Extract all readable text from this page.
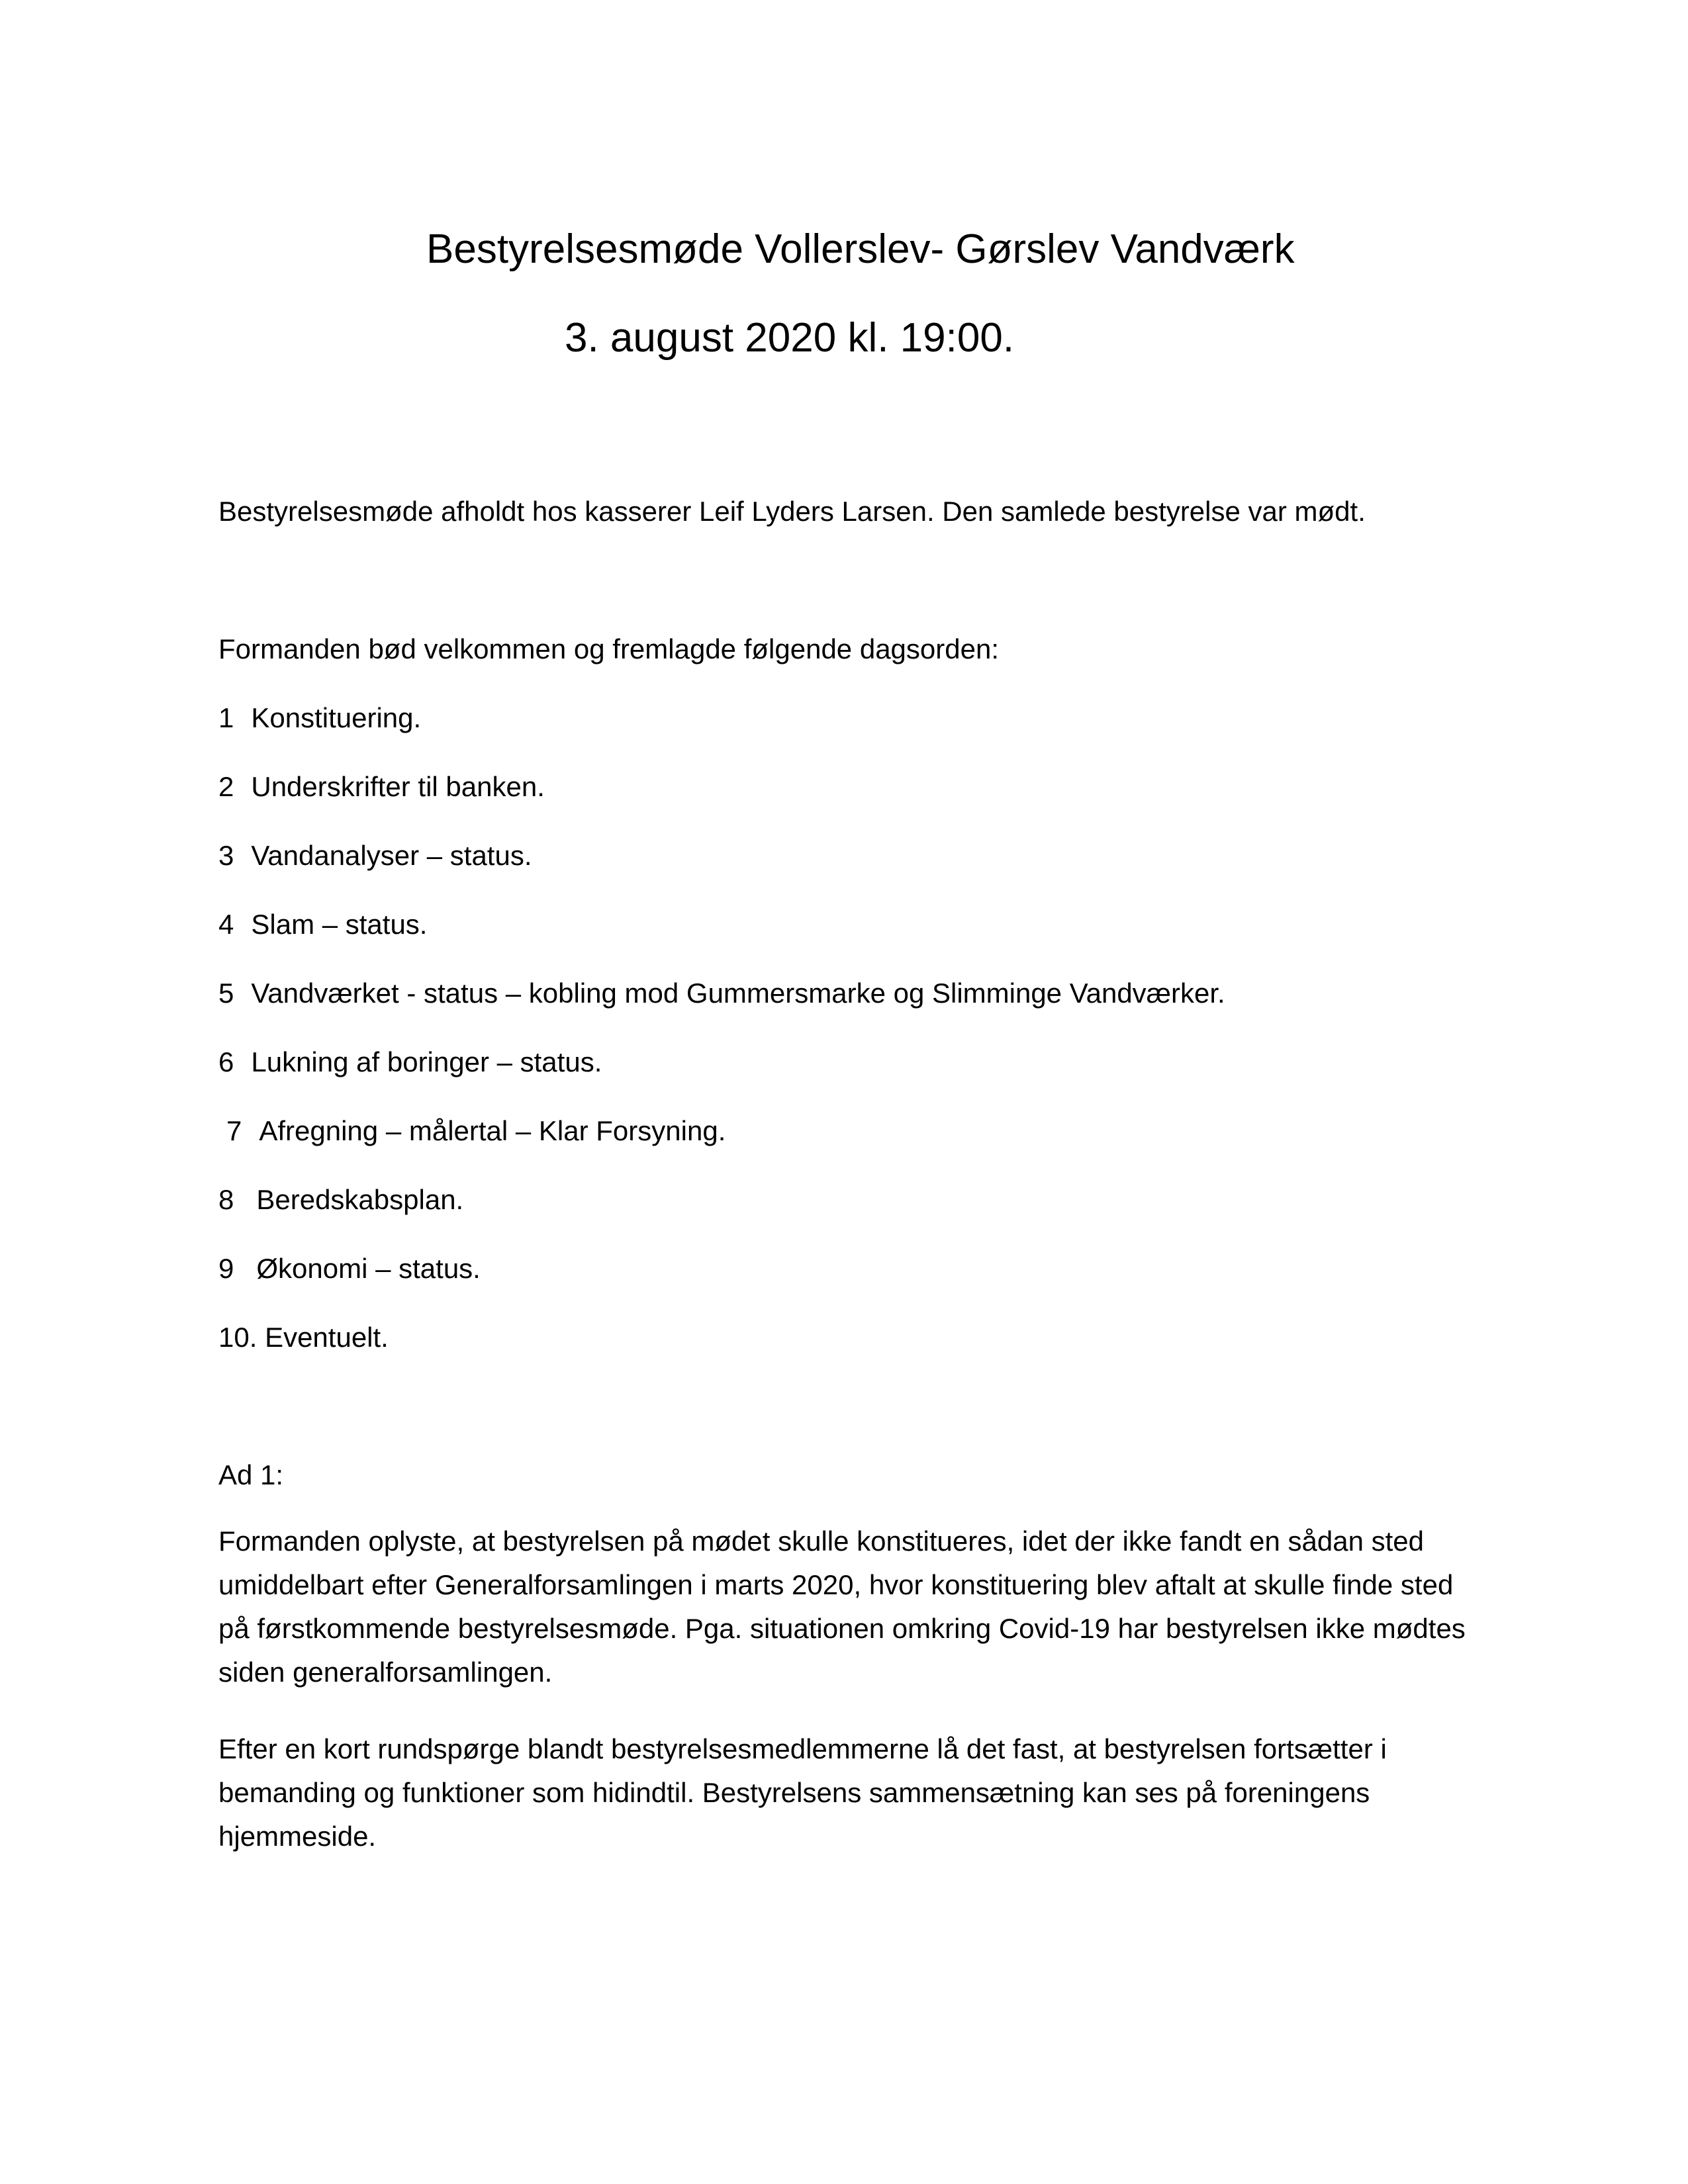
Bestyrelsesmøde Vollerslev- Gørslev Vandværk
3. august 2020 kl. 19:00.
Bestyrelsesmøde afholdt hos kasserer Leif Lyders Larsen. Den samlede bestyrelse var mødt.
Formanden bød velkommen og fremlagde følgende dagsorden:
1 Konstituering.
2 Underskrifter til banken.
3 Vandanalyser – status.
4 Slam – status.
5 Vandværket - status – kobling mod Gummersmarke og Slimminge Vandværker.
6 Lukning af boringer – status.
7 Afregning – målertal – Klar Forsyning.
8 Beredskabsplan.
9 Økonomi – status.
10. Eventuelt.
Ad 1:

Formanden oplyste, at bestyrelsen på mødet skulle konstitueres, idet der ikke fandt en sådan sted umiddelbart efter Generalforsamlingen i marts 2020, hvor konstituering blev aftalt at skulle finde sted på førstkommende bestyrelsesmøde. Pga. situationen omkring Covid-19 har bestyrelsen ikke mødtes siden generalforsamlingen.

Efter en kort rundspørge blandt bestyrelsesmedlemmerne lå det fast, at bestyrelsen fortsætter i bemanding og funktioner som hidindtil. Bestyrelsens sammensætning kan ses på foreningens hjemmeside.
